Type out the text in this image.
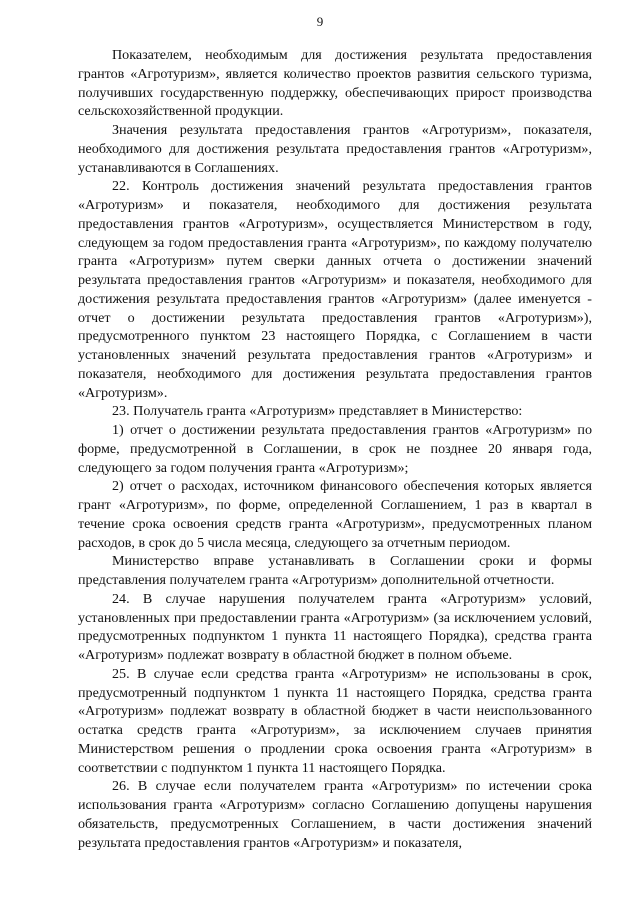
9

Показателем, необходимым для достижения результата предоставления грантов «Агротуризм», является количество проектов развития сельского туризма, получивших государственную поддержку, обеспечивающих прирост производства сельскохозяйственной продукции.

Значения результата предоставления грантов «Агротуризм», показателя, необходимого для достижения результата предоставления грантов «Агротуризм», устанавливаются в Соглашениях.

22. Контроль достижения значений результата предоставления грантов «Агротуризм» и показателя, необходимого для достижения результата предоставления грантов «Агротуризм», осуществляется Министерством в году, следующем за годом предоставления гранта «Агротуризм», по каждому получателю гранта «Агротуризм» путем сверки данных отчета о достижении значений результата предоставления грантов «Агротуризм» и показателя, необходимого для достижения результата предоставления грантов «Агротуризм» (далее именуется - отчет о достижении результата предоставления грантов «Агротуризм»), предусмотренного пунктом 23 настоящего Порядка, с Соглашением в части установленных значений результата предоставления грантов «Агротуризм» и показателя, необходимого для достижения результата предоставления грантов «Агротуризм».

23. Получатель гранта «Агротуризм» представляет в Министерство:

1) отчет о достижении результата предоставления грантов «Агротуризм» по форме, предусмотренной в Соглашении, в срок не позднее 20 января года, следующего за годом получения гранта «Агротуризм»;

2) отчет о расходах, источником финансового обеспечения которых является грант «Агротуризм», по форме, определенной Соглашением, 1 раз в квартал в течение срока освоения средств гранта «Агротуризм», предусмотренных планом расходов, в срок до 5 числа месяца, следующего за отчетным периодом.

Министерство вправе устанавливать в Соглашении сроки и формы представления получателем гранта «Агротуризм» дополнительной отчетности.

24. В случае нарушения получателем гранта «Агротуризм» условий, установленных при предоставлении гранта «Агротуризм» (за исключением условий, предусмотренных подпунктом 1 пункта 11 настоящего Порядка), средства гранта «Агротуризм» подлежат возврату в областной бюджет в полном объеме.

25. В случае если средства гранта «Агротуризм» не использованы в срок, предусмотренный подпунктом 1 пункта 11 настоящего Порядка, средства гранта «Агротуризм» подлежат возврату в областной бюджет в части неиспользованного остатка средств гранта «Агротуризм», за исключением случаев принятия Министерством решения о продлении срока освоения гранта «Агротуризм» в соответствии с подпунктом 1 пункта 11 настоящего Порядка.

26. В случае если получателем гранта «Агротуризм» по истечении срока использования гранта «Агротуризм» согласно Соглашению допущены нарушения обязательств, предусмотренных Соглашением, в части достижения значений результата предоставления грантов «Агротуризм» и показателя,
